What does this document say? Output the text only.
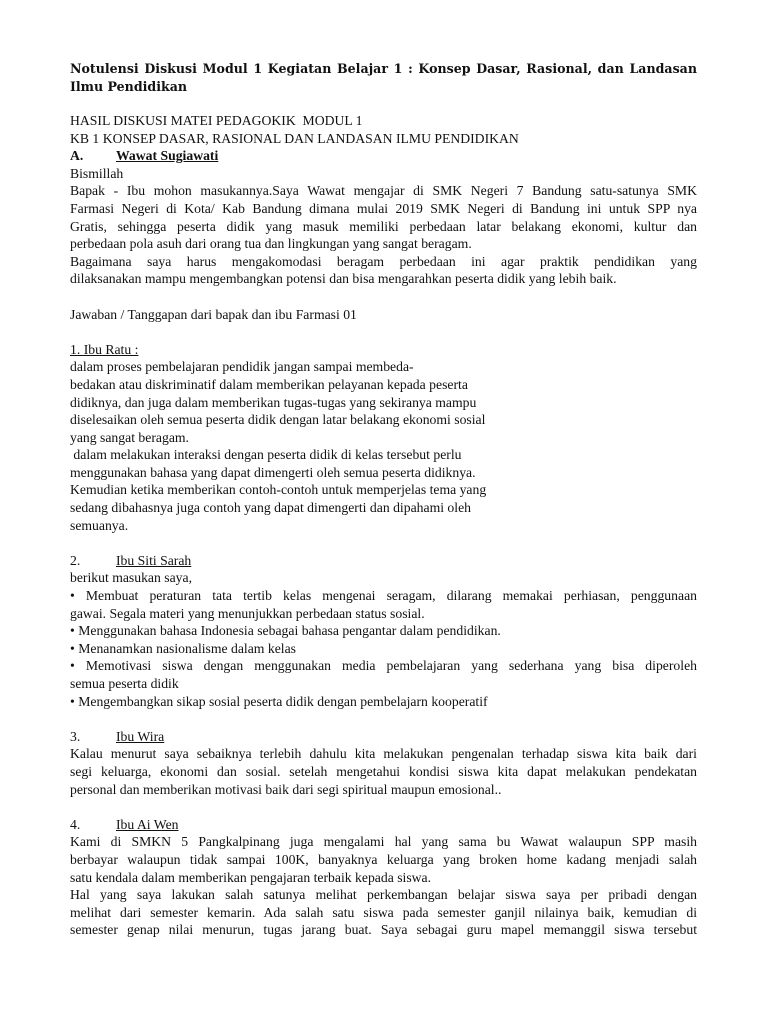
Notulensi Diskusi Modul 1 Kegiatan Belajar 1 : Konsep Dasar, Rasional, dan Landasan Ilmu Pendidikan
HASIL DISKUSI MATEI PEDAGOKIK  MODUL 1
KB 1 KONSEP DASAR, RASIONAL DAN LANDASAN ILMU PENDIDIKAN
A. Wawat Sugiawati
Bismillah
Bapak - Ibu mohon masukannya.Saya Wawat mengajar di SMK Negeri 7 Bandung satu-satunya SMK
Farmasi Negeri di Kota/ Kab Bandung dimana mulai 2019 SMK Negeri di Bandung ini untuk SPP nya
Gratis, sehingga peserta didik yang masuk memiliki perbedaan latar belakang ekonomi, kultur dan
perbedaan pola asuh dari orang tua dan lingkungan yang sangat beragam.
Bagaimana saya harus mengakomodasi beragam perbedaan ini agar praktik pendidikan yang
dilaksanakan mampu mengembangkan potensi dan bisa mengarahkan peserta didik yang lebih baik.
Jawaban / Tanggapan dari bapak dan ibu Farmasi 01
1. Ibu Ratu :
dalam proses pembelajaran pendidik jangan sampai membeda-
bedakan atau diskriminatif dalam memberikan pelayanan kepada peserta
didiknya, dan juga dalam memberikan tugas-tugas yang sekiranya mampu
diselesaikan oleh semua peserta didik dengan latar belakang ekonomi sosial
yang sangat beragam.
dalam melakukan interaksi dengan peserta didik di kelas tersebut perlu
menggunakan bahasa yang dapat dimengerti oleh semua peserta didiknya.
Kemudian ketika memberikan contoh-contoh untuk memperjelas tema yang
sedang dibahasnya juga contoh yang dapat dimengerti dan dipahami oleh
semuanya.
2.	Ibu Siti Sarah
berikut masukan saya,
• Membuat peraturan tata tertib kelas mengenai seragam, dilarang memakai perhiasan, penggunaan
gawai. Segala materi yang menunjukkan perbedaan status sosial.
• Menggunakan bahasa Indonesia sebagai bahasa pengantar dalam pendidikan.
• Menanamkan nasionalisme dalam kelas
• Memotivasi siswa dengan menggunakan media pembelajaran yang sederhana yang bisa diperoleh
semua peserta didik
• Mengembangkan sikap sosial peserta didik dengan pembelajarn kooperatif
3.	Ibu Wira
Kalau menurut saya sebaiknya terlebih dahulu kita melakukan pengenalan terhadap siswa kita baik dari
segi keluarga, ekonomi dan sosial. setelah mengetahui kondisi siswa kita dapat melakukan pendekatan
personal dan memberikan motivasi baik dari segi spiritual maupun emosional..
4.	Ibu Ai Wen
Kami di SMKN 5 Pangkalpinang juga mengalami hal yang sama bu Wawat walaupun SPP masih
berbayar walaupun tidak sampai 100K, banyaknya keluarga yang broken home kadang menjadi salah
satu kendala dalam memberikan pengajaran terbaik kepada siswa.
Hal yang saya lakukan salah satunya melihat perkembangan belajar siswa saya per pribadi dengan
melihat dari semester kemarin. Ada salah satu siswa pada semester ganjil nilainya baik, kemudian di
semester genap nilai menurun, tugas jarang buat. Saya sebagai guru mapel memanggil siswa tersebut
